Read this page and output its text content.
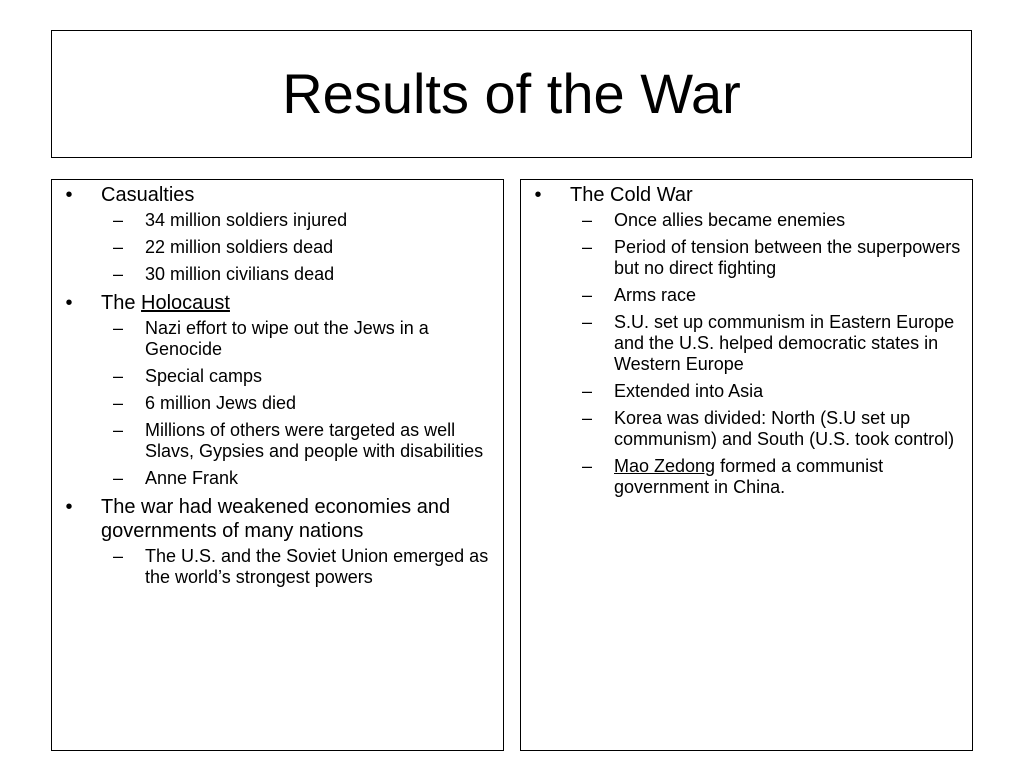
Results of the War
• Casualties
– 34 million soldiers injured
– 22 million soldiers dead
– 30 million civilians dead
• The Holocaust
– Nazi effort to wipe out the Jews in a Genocide
– Special camps
– 6 million Jews died
– Millions of others were targeted as well Slavs, Gypsies and people with disabilities
– Anne Frank
• The war had weakened economies and governments of many nations
– The U.S. and the Soviet Union emerged as the world’s strongest powers
• The Cold War
– Once allies became enemies
– Period of tension between the superpowers but no direct fighting
– Arms race
– S.U. set up communism in Eastern Europe and the U.S. helped democratic states in Western Europe
– Extended into Asia
– Korea was divided: North (S.U set up communism) and South (U.S. took control)
– Mao Zedong formed a communist government in China.
